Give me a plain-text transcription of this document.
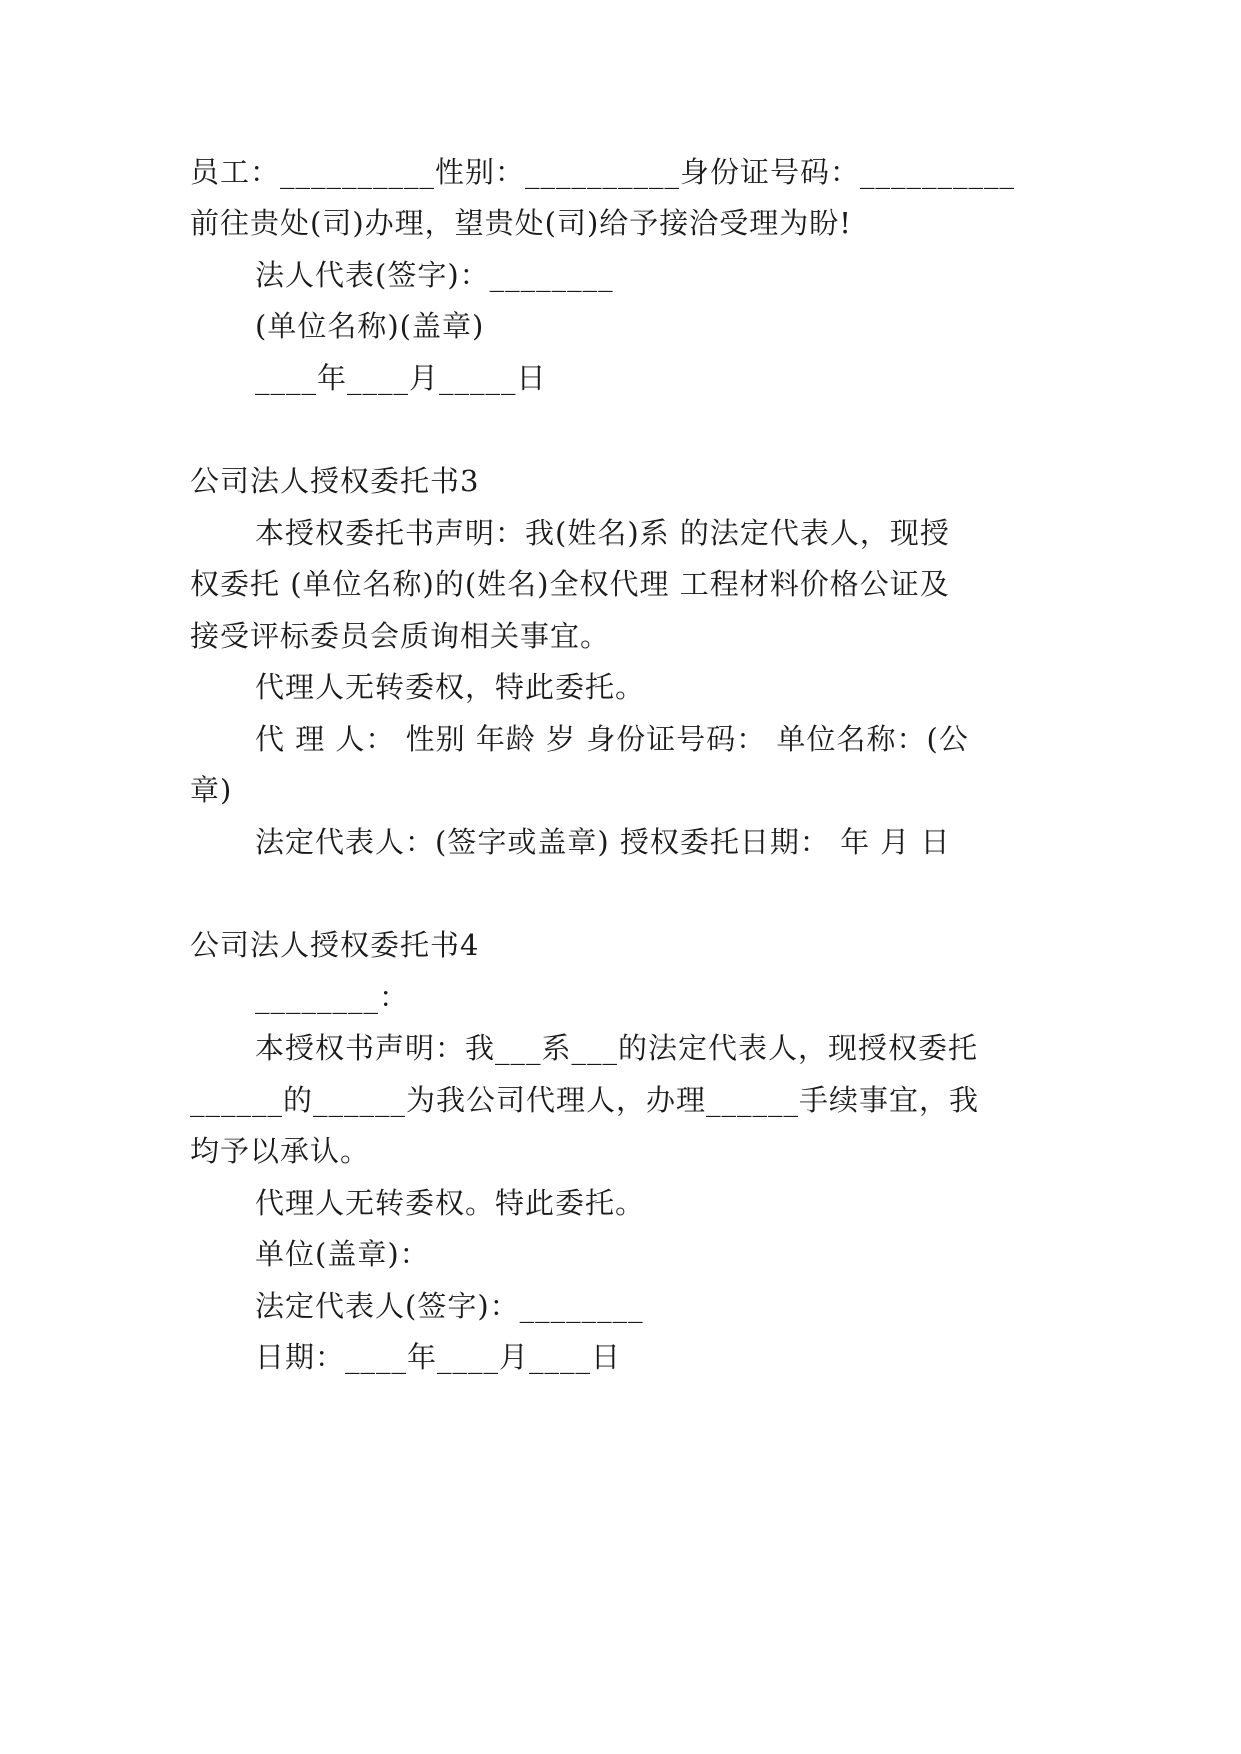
员工：__________性别：__________身份证号码：__________
前往贵处(司)办理，望贵处(司)给予接洽受理为盼!
法人代表(签字)：________
(单位名称)(盖章)
____年____月_____日
公司法人授权委托书3
本授权委托书声明：我(姓名)系 的法定代表人，现授
权委托 (单位名称)的(姓名)全权代理 工程材料价格公证及
接受评标委员会质询相关事宜。
代理人无转委权，特此委托。
代 理 人： 性别 年龄 岁 身份证号码： 单位名称：(公
章)
法定代表人：(签字或盖章) 授权委托日期： 年 月 日
公司法人授权委托书4
________：
本授权书声明：我___系___的法定代表人，现授权委托
______的______为我公司代理人，办理______手续事宜，我
均予以承认。
代理人无转委权。特此委托。
单位(盖章)：
法定代表人(签字)：________
日期：____年____月____日
